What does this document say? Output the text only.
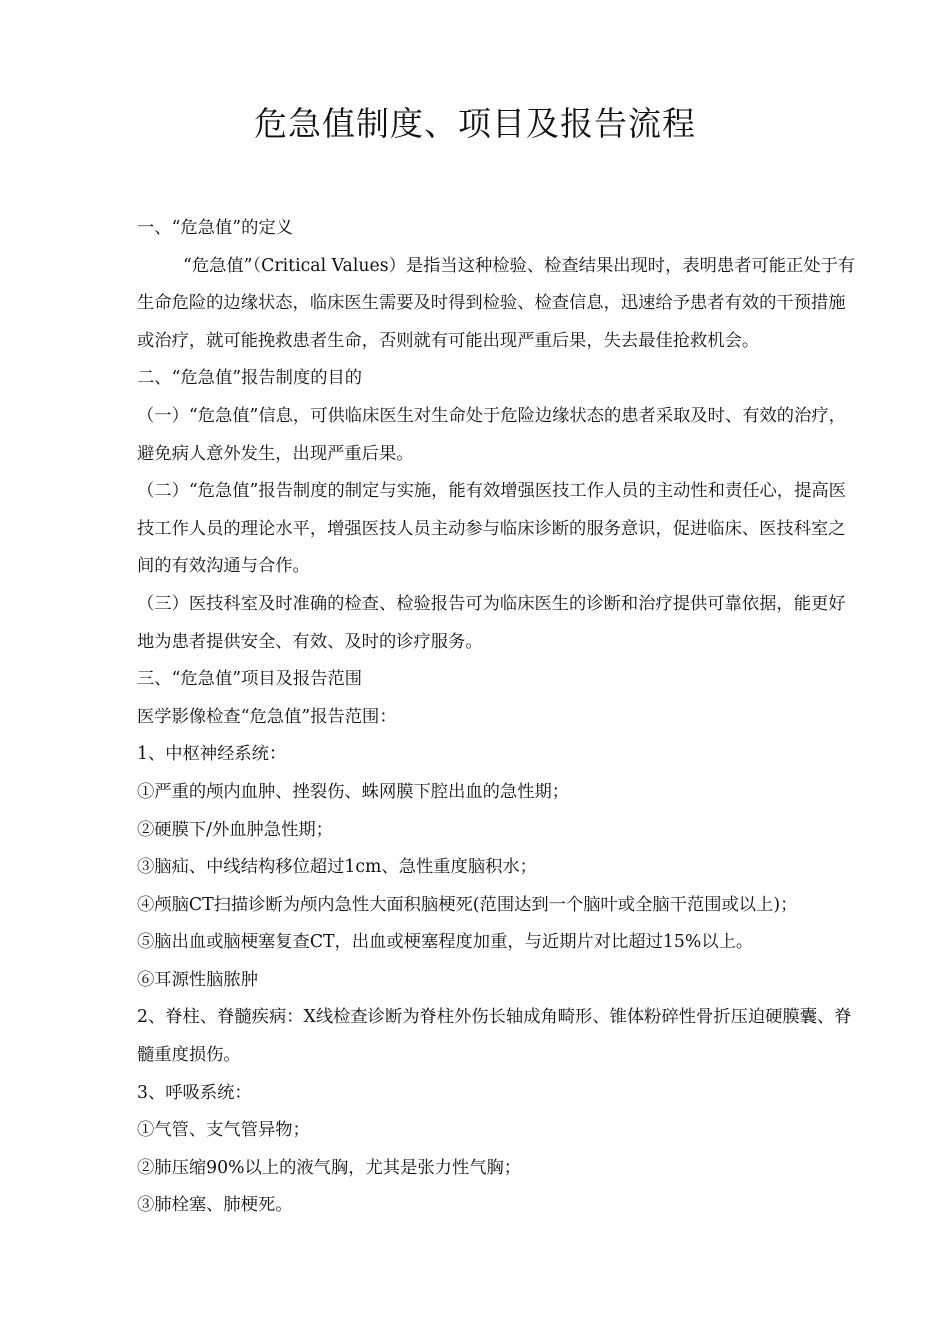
危急值制度、项目及报告流程

一、“危急值”的定义

“危急值”（Critical Values）是指当这种检验、检查结果出现时，表明患者可能正处于有生命危险的边缘状态，临床医生需要及时得到检验、检查信息，迅速给予患者有效的干预措施或治疗，就可能挽救患者生命，否则就有可能出现严重后果，失去最佳抢救机会。

二、“危急值”报告制度的目的

（一）“危急值”信息，可供临床医生对生命处于危险边缘状态的患者采取及时、有效的治疗，避免病人意外发生，出现严重后果。

（二）“危急值”报告制度的制定与实施，能有效增强医技工作人员的主动性和责任心，提高医技工作人员的理论水平，增强医技人员主动参与临床诊断的服务意识，促进临床、医技科室之间的有效沟通与合作。

（三）医技科室及时准确的检查、检验报告可为临床医生的诊断和治疗提供可靠依据，能更好地为患者提供安全、有效、及时的诊疗服务。

三、“危急值”项目及报告范围

医学影像检查“危急值”报告范围：

1、中枢神经系统：

①严重的颅内血肿、挫裂伤、蛛网膜下腔出血的急性期；

②硬膜下/外血肿急性期；

③脑疝、中线结构移位超过1cm、急性重度脑积水；

④颅脑CT扫描诊断为颅内急性大面积脑梗死(范围达到一个脑叶或全脑干范围或以上)；

⑤脑出血或脑梗塞复查CT，出血或梗塞程度加重，与近期片对比超过15%以上。

⑥耳源性脑脓肿

2、脊柱、脊髓疾病：X线检查诊断为脊柱外伤长轴成角畸形、锥体粉碎性骨折压迫硬膜囊、脊髓重度损伤。

3、呼吸系统：

①气管、支气管异物；

②肺压缩90%以上的液气胸，尤其是张力性气胸；

③肺栓塞、肺梗死。
